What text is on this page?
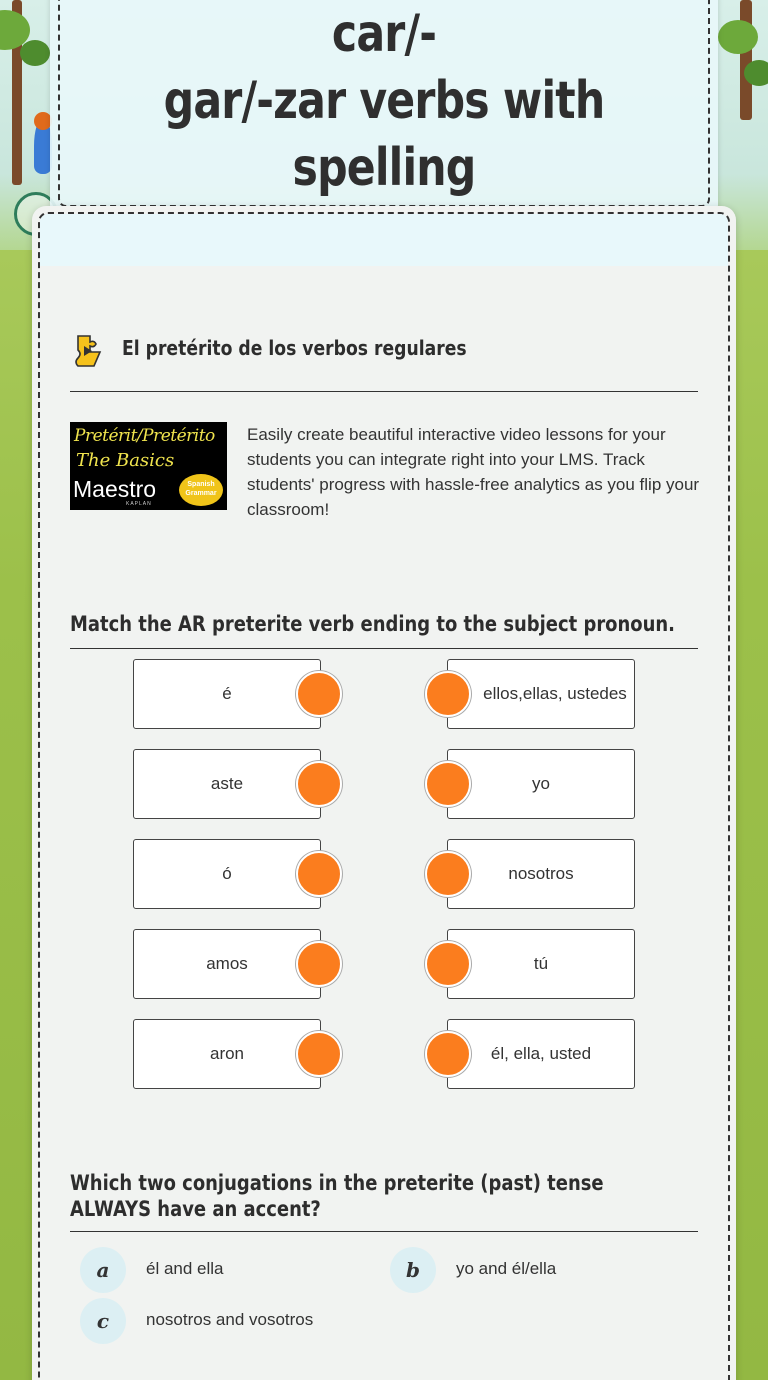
car/-
gar/-zar verbs with spelling
El pretérito de los verbos regulares
Pretérit/Pretérito
The Basics
Maestro	Spanish Grammar
KAPLAN
Easily create beautiful interactive video lessons for your students you can integrate right into your LMS. Track students' progress with hassle-free analytics as you flip your classroom!
Match the AR preterite verb ending to the subject pronoun.
é
aste
ó
amos
aron
ellos,ellas, ustedes
yo
nosotros
tú
él, ella, usted
Which two conjugations in the preterite (past) tense ALWAYS have an accent?
a	él and ella	b	yo and él/ella
c	nosotros and vosotros
